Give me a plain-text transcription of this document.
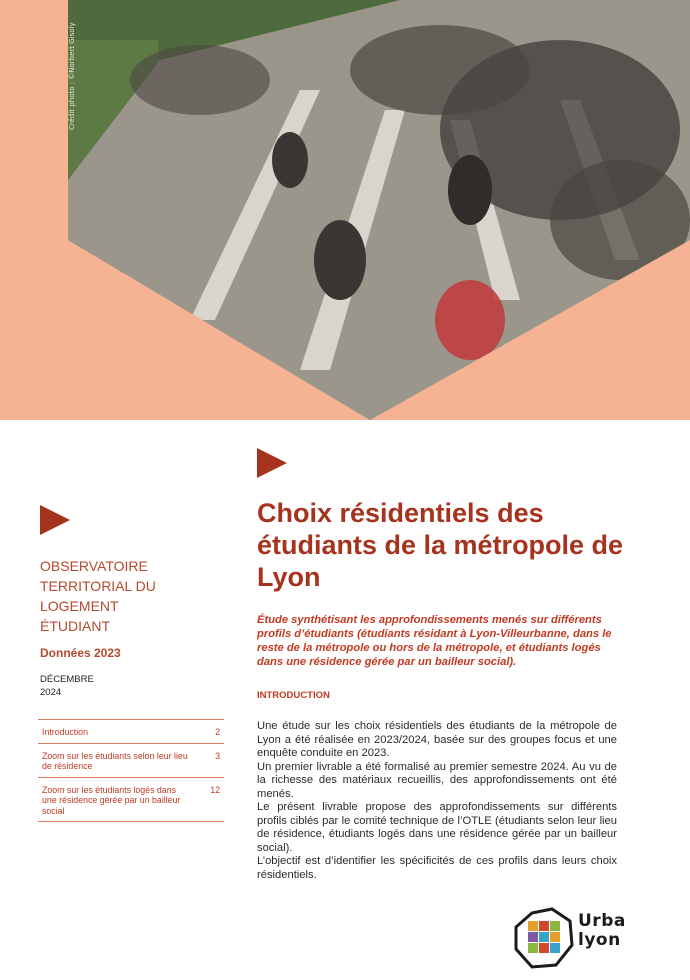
Crédit photo : ©Norbert Gisoly
Choix résidentiels des étudiants de la métropole de Lyon

Étude synthétisant les approfondissements menés sur différents profils d’étudiants (étudiants résidant à Lyon-Villeurbanne, dans le reste de la métropole ou hors de la métropole, et étudiants logés dans une résidence gérée par un bailleur social).

INTRODUCTION

Une étude sur les choix résidentiels des étudiants de la métropole de Lyon a été réalisée en 2023/2024, basée sur des groupes focus et une enquête conduite en 2023.

Un premier livrable a été formalisé au premier semestre 2024. Au vu de la richesse des matériaux recueillis, des approfondissements ont été menés.

Le présent livrable propose des approfondissements sur différents profils ciblés par le comité technique de l’OTLE (étudiants selon leur lieu de résidence, étudiants logés dans une résidence gérée par un bailleur social).

L’objectif est d’identifier les spécificités de ces profils dans leurs choix résidentiels.

OBSERVATOIRE TERRITORIAL DU LOGEMENT ÉTUDIANT
Données 2023
DÉCEMBRE 2024
Introduction	2
Zoom sur les étudiants selon leur lieu de résidence
3
Zoom sur les étudiants logés dans une résidence gérée par un bailleur social
12
Urba
lyon
